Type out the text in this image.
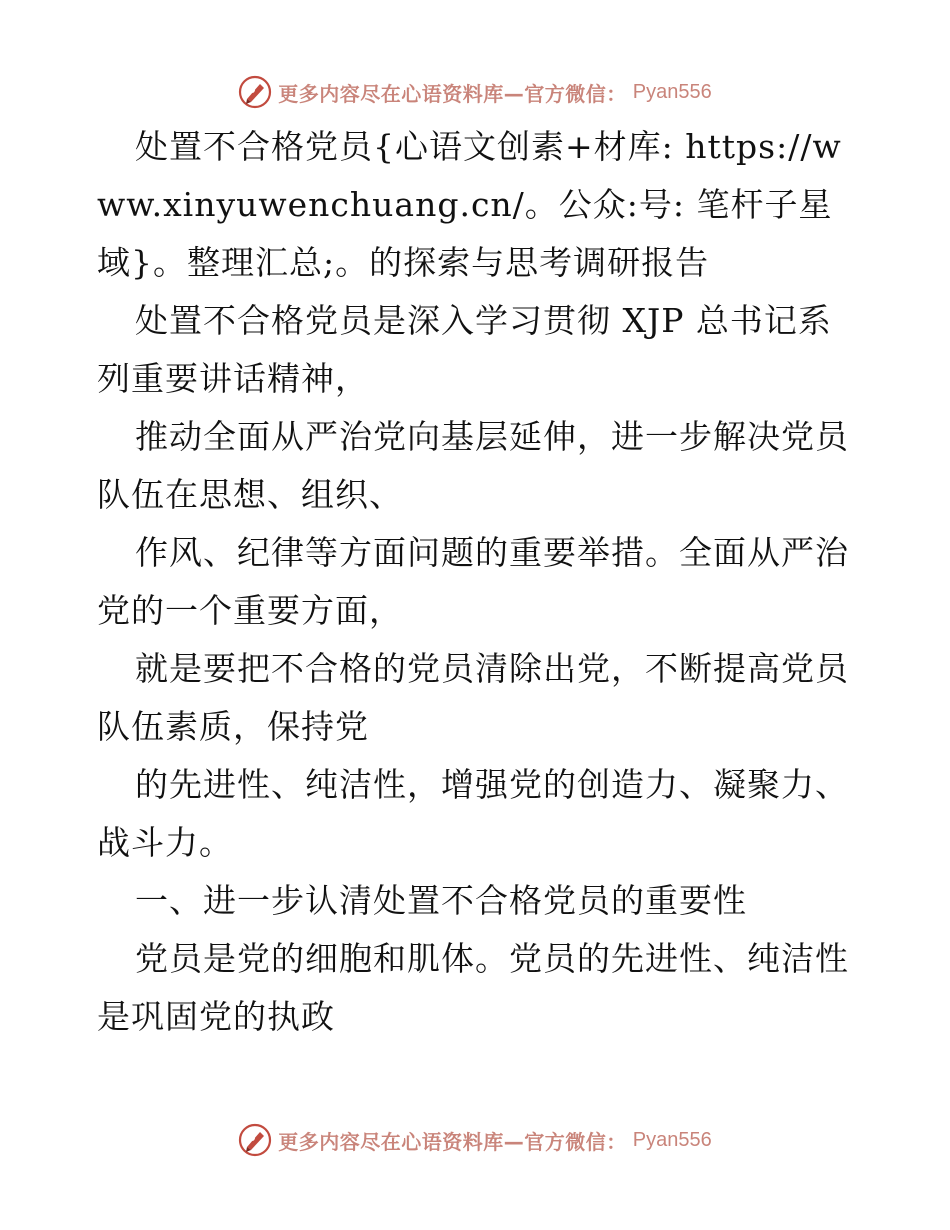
更多内容尽在心语资料库—官方微信： Pyan556

处置不合格党员{心语文创素+材库: https://www.xinyuwenchuang.cn/。公众:号: 笔杆子星域}。整理汇总;。的探索与思考调研报告

处置不合格党员是深入学习贯彻 XJP 总书记系列重要讲话精神，

推动全面从严治党向基层延伸，进一步解决党员队伍在思想、组织、

作风、纪律等方面问题的重要举措。全面从严治党的一个重要方面，

就是要把不合格的党员清除出党，不断提高党员队伍素质，保持党

的先进性、纯洁性，增强党的创造力、凝聚力、战斗力。

一、进一步认清处置不合格党员的重要性

党员是党的细胞和肌体。党员的先进性、纯洁性是巩固党的执政

更多内容尽在心语资料库—官方微信： Pyan556
